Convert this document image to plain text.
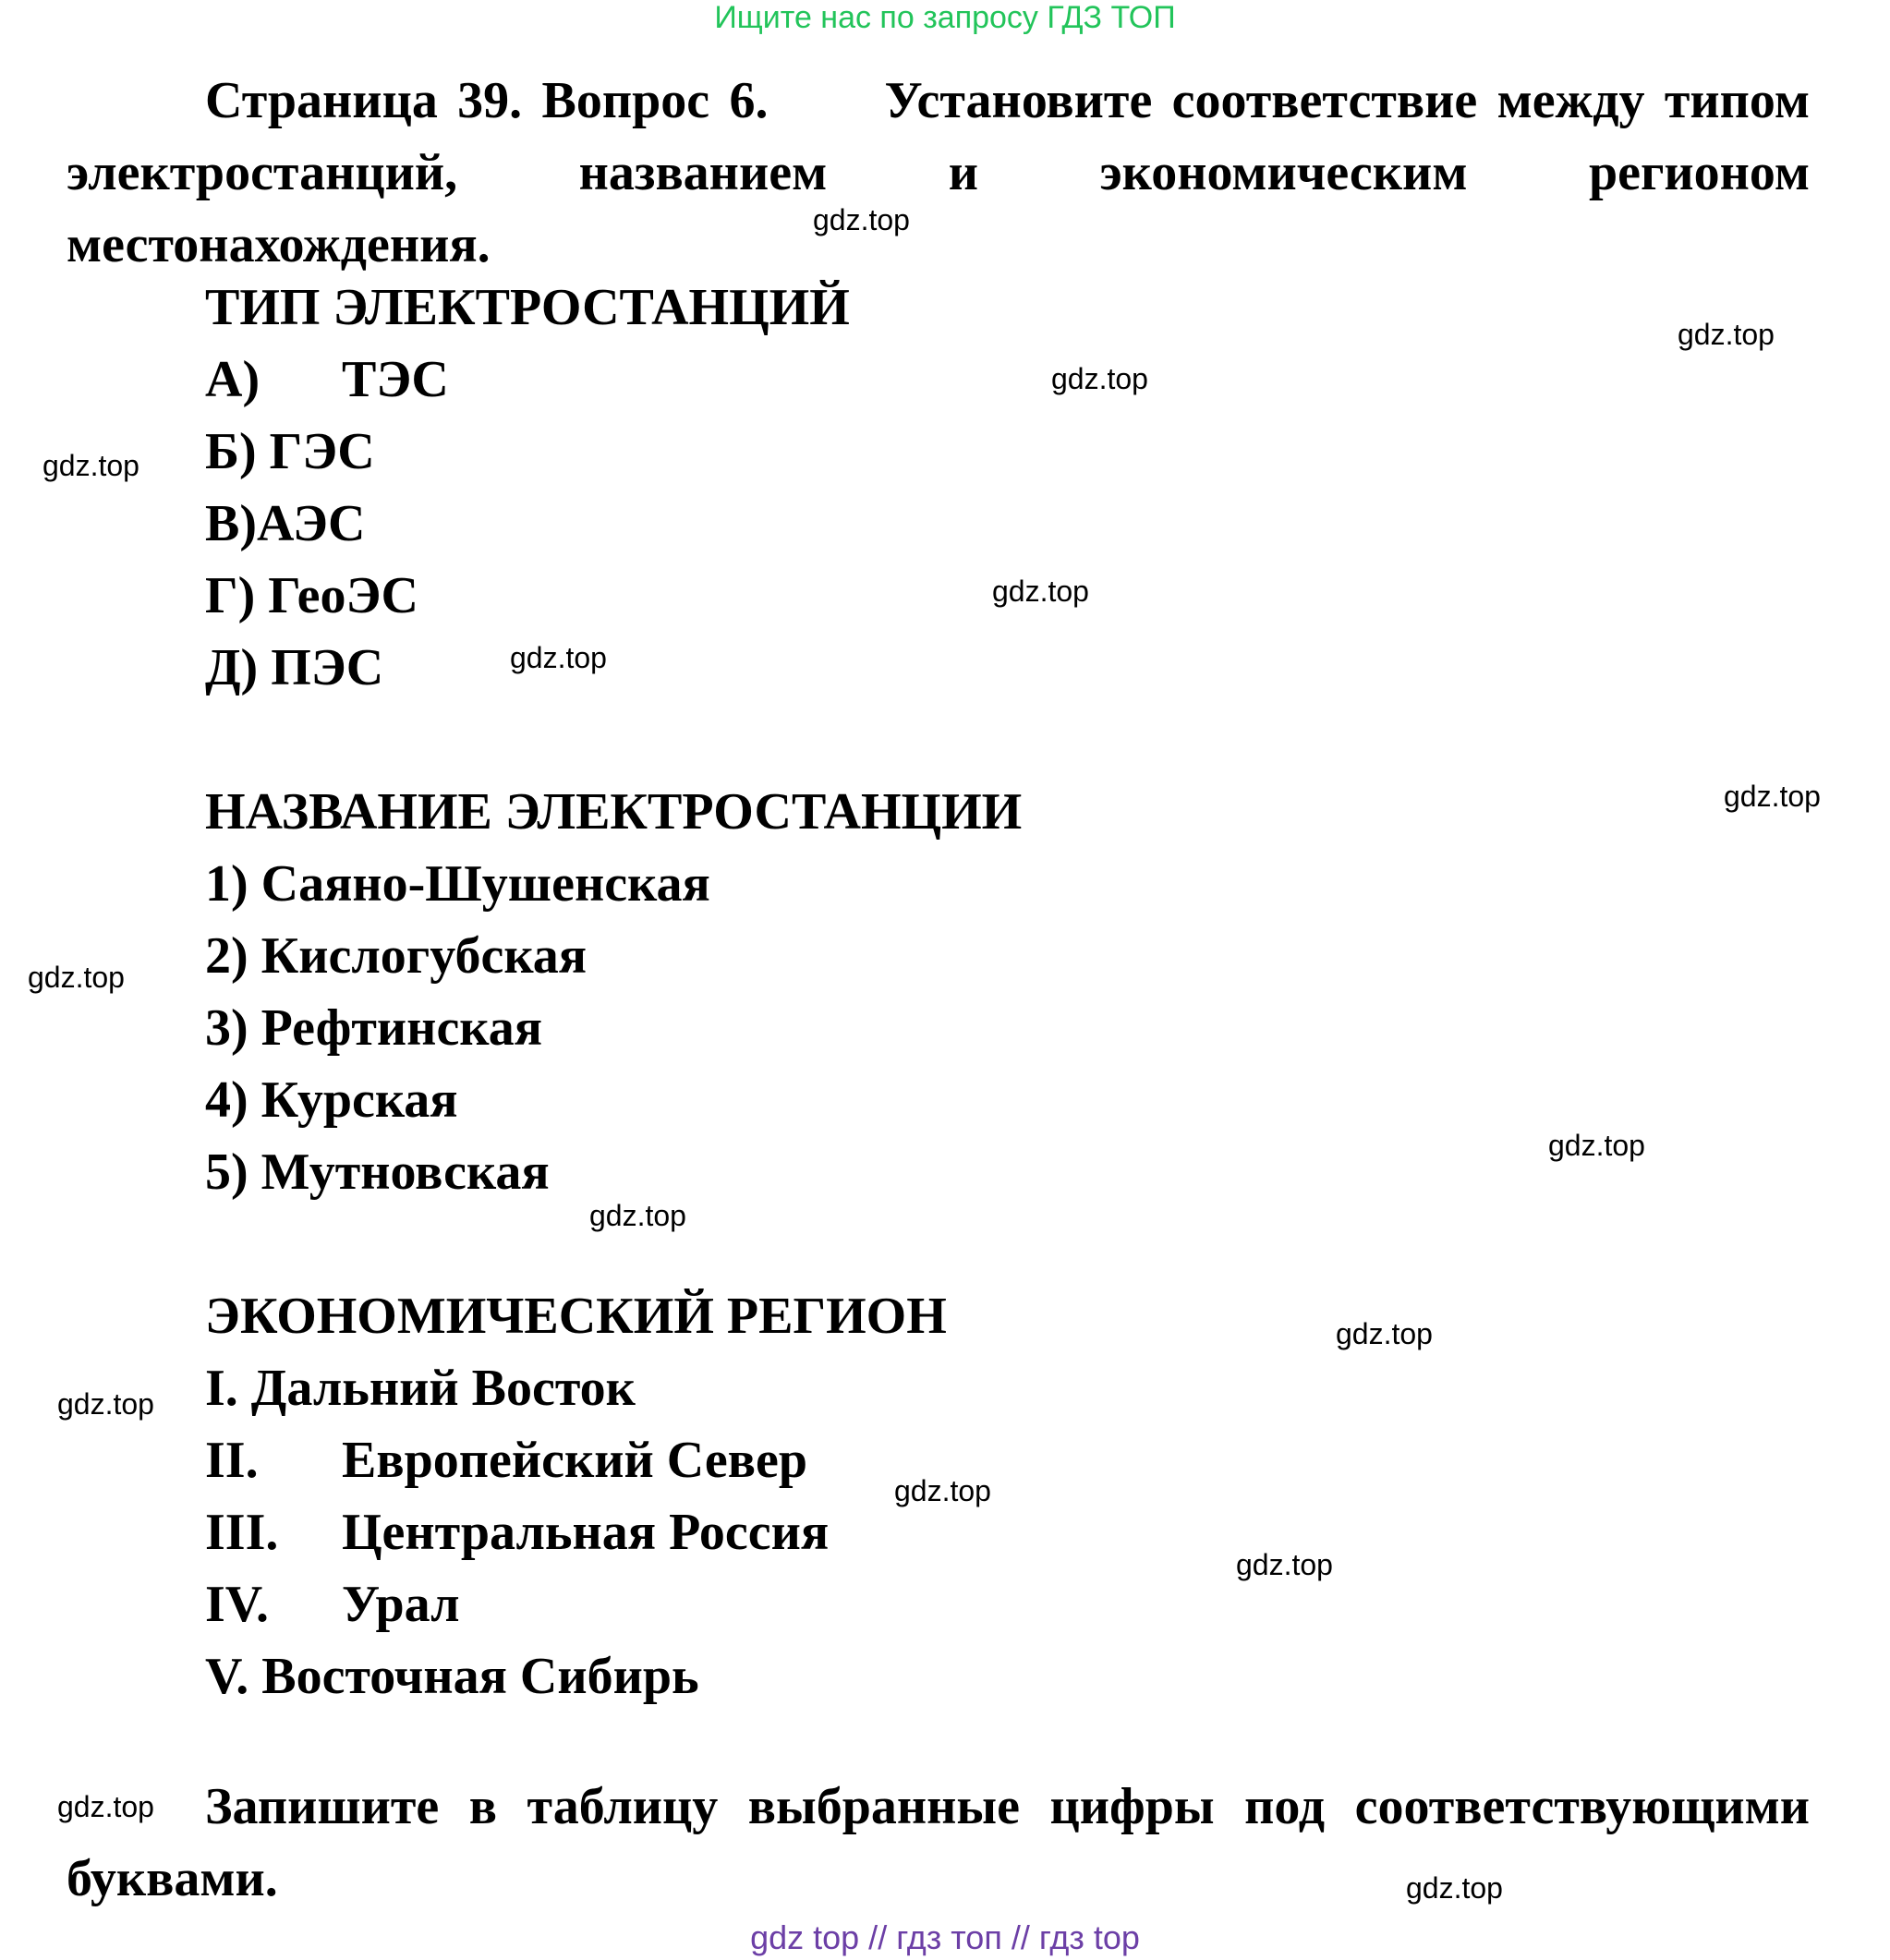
Ищите нас по запросу ГДЗ ТОП
Страница 39. Вопрос 6. Установите соответствие между типом электростанций, названием и экономическим регионом местонахождения.
ТИП ЭЛЕКТРОСТАНЦИЙ
А) ТЭС
Б) ГЭС
В)АЭС
Г) ГеоЭС
Д) ПЭС
НАЗВАНИЕ ЭЛЕКТРОСТАНЦИИ
1) Саяно-Шушенская
2) Кислогубская
3) Рефтинская
4) Курская
5) Мутновская
ЭКОНОМИЧЕСКИЙ РЕГИОН
I. Дальний Восток
II. Европейский Север
III. Центральная Россия
IV. Урал
V. Восточная Сибирь
Запишите в таблицу выбранные цифры под соответствующими буквами.
gdz.top
gdz.top
gdz.top
gdz.top
gdz.top
gdz.top
gdz.top
gdz.top
gdz.top
gdz.top
gdz.top
gdz.top
gdz.top
gdz.top
gdz.top
gdz.top
gdz top // гдз топ // гдз top
